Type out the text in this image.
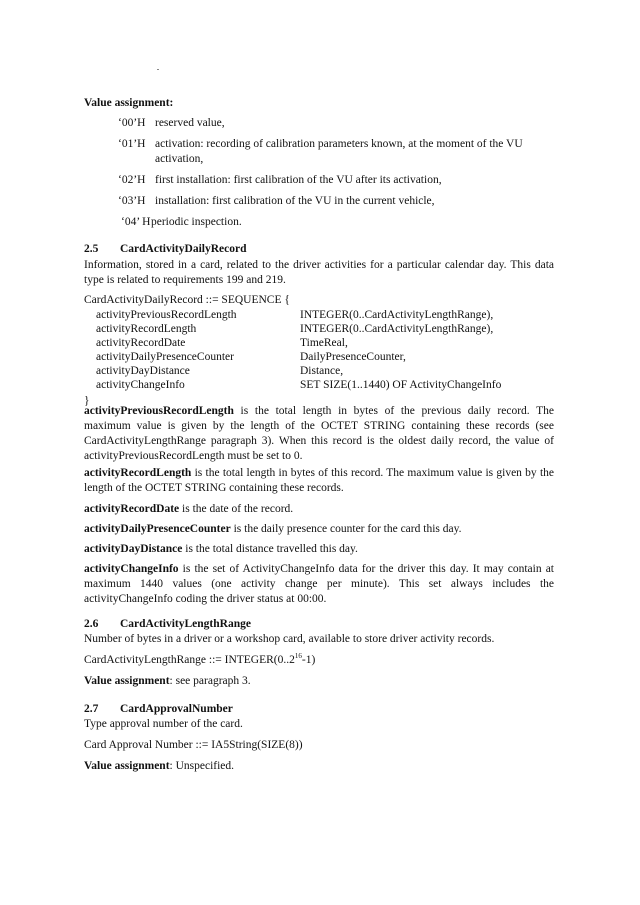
Value assignment:
‘00’H reserved value,
‘01’H activation: recording of calibration parameters known, at the moment of the VU activation,
‘02’H first installation: first calibration of the VU after its activation,
‘03’H installation: first calibration of the VU in the current vehicle,
‘04’ Hperiodic inspection.
2.5 CardActivityDailyRecord

Information, stored in a card, related to the driver activities for a particular calendar day. This data type is related to requirements 199 and 219.

CardActivityDailyRecord ::= SEQUENCE {
activityPreviousRecordLength	INTEGER(0..CardActivityLengthRange),
activityRecordLength	INTEGER(0..CardActivityLengthRange),
activityRecordDate	TimeReal,
activityDailyPresenceCounter	DailyPresenceCounter,
activityDayDistance	Distance,
activityChangeInfo	SET SIZE(1..1440) OF ActivityChangeInfo
}

activityPreviousRecordLength is the total length in bytes of the previous daily record. The maximum value is given by the length of the OCTET STRING containing these records (see CardActivityLengthRange paragraph 3). When this record is the oldest daily record, the value of activityPreviousRecordLength must be set to 0.

activityRecordLength is the total length in bytes of this record. The maximum value is given by the length of the OCTET STRING containing these records.

activityRecordDate is the date of the record.

activityDailyPresenceCounter is the daily presence counter for the card this day.

activityDayDistance is the total distance travelled this day.

activityChangeInfo is the set of ActivityChangeInfo data for the driver this day. It may contain at maximum 1440 values (one activity change per minute). This set always includes the activityChangeInfo coding the driver status at 00:00.

2.6 CardActivityLengthRange

Number of bytes in a driver or a workshop card, available to store driver activity records.

CardActivityLengthRange ::= $INTEGER(0..2^{16}-1)$

Value assignment: see paragraph 3.

2.7 CardApprovalNumber

Type approval number of the card.

Card Approval Number ::= IA5String(SIZE(8))

Value assignment: Unspecified.
